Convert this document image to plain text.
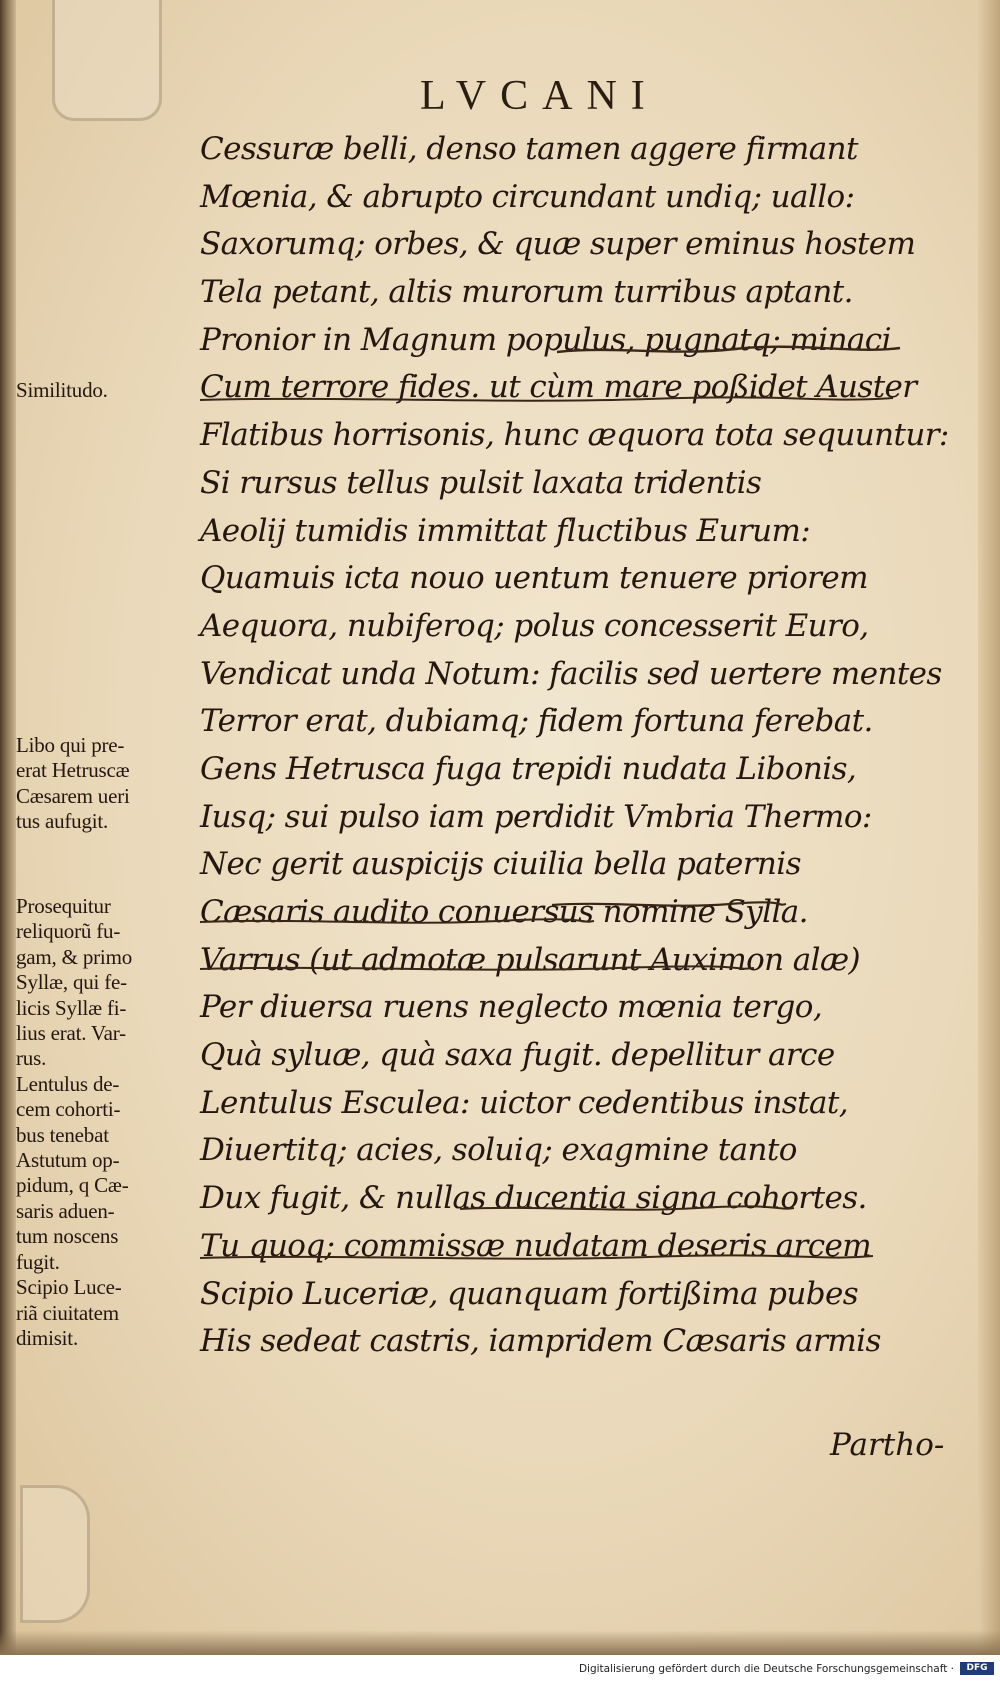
LVCANI
Cessuræ belli, denso tamen aggere firmant
Mœnia, & abrupto circundant undiq; uallo:
Saxorumq; orbes, & quæ super eminus hostem
Tela petant, altis murorum turribus aptant.
Pronior in Magnum populus, pugnatq; minaci
Cum terrore fides. ut cùm mare poßidet Auster
Flatibus horrisonis, hunc æquora tota sequuntur:
Si rursus tellus pulsit laxata tridentis
Aeolij tumidis immittat fluctibus Eurum:
Quamuis icta nouo uentum tenuere priorem
Aequora, nubiferoq; polus concesserit Euro,
Vendicat unda Notum: facilis sed uertere mentes
Terror erat, dubiamq; fidem fortuna ferebat.
Gens Hetrusca fuga trepidi nudata Libonis,
Iusq; sui pulso iam perdidit Vmbria Thermo:
Nec gerit auspicijs ciuilia bella paternis
Cæsaris audito conuersus nomine Sylla.
Varrus (ut admotæ pulsarunt Auximon alæ)
Per diuersa ruens neglecto mœnia tergo,
Quà syluæ, quà saxa fugit. depellitur arce
Lentulus Esculea: uictor cedentibus instat,
Diuertitq; acies, soluiq; exagmine tanto
Dux fugit, & nullas ducentia signa cohortes.
Tu quoq; commissæ nudatam deseris arcem
Scipio Luceriæ, quanquam fortißima pubes
His sedeat castris, iampridem Cæsaris armis
Partho-
Similitudo.
Libo qui pre-
erat Hetruscæ
Cæsarem ueri
tus aufugit.
Prosequitur
reliquorũ fu-
gam, & primo
Syllæ, qui fe-
licis Syllæ fi-
lius erat. Var-
rus.
Lentulus de-
cem cohorti-
bus tenebat
Astutum op-
pidum, q Cæ-
saris aduen-
tum noscens
fugit.
Scipio Luce-
riã ciuitatem
dimisit.
Digitalisierung gefördert durch die Deutsche Forschungsgemeinschaft ·	DFG
